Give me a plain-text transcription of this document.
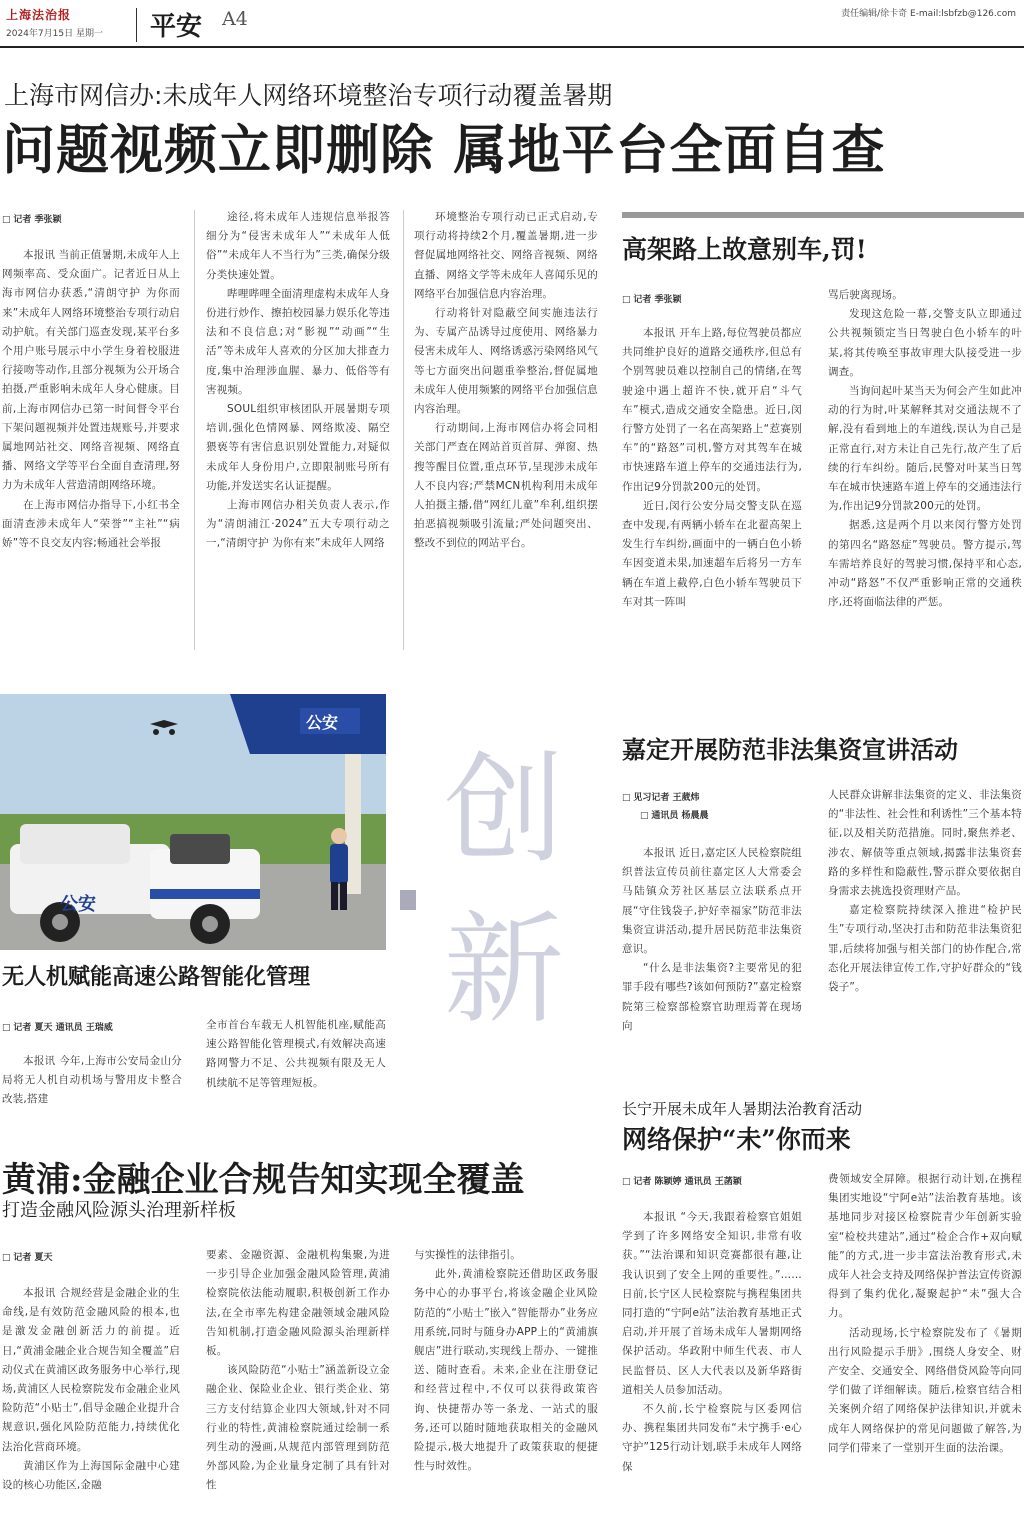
上海法治报
2024年7月15日 星期一 平安 A4	责任编辑/徐卡奇 E-mail:lsbfzb@126.com
上海市网信办:未成年人网络环境整治专项行动覆盖暑期
问题视频立即删除 属地平台全面自查
□ 记者 季张颖

本报讯 当前正值暑期,未成年人上网频率高、受众面广。记者近日从上海市网信办获悉,“清朗守护 为你而来”未成年人网络环境整治专项行动启动护航。有关部门巡查发现,某平台多个用户账号展示中小学生身着校服进行接吻等动作,且部分视频为公开场合拍摄,严重影响未成年人身心健康。目前,上海市网信办已第一时间督令平台下架问题视频并处置违规账号,并要求属地网站社交、网络音视频、网络直播、网络文学等平台全面自查清理,努力为未成年人营造清朗网络环境。

在上海市网信办指导下,小红书全面清查涉未成年人“荣誉”“主社”“病娇”等不良交友内容;畅通社会举报

途径,将未成年人违规信息举报答细分为“侵害未成年人”“未成年人低俗”“未成年人不当行为”三类,确保分级分类快速处置。

哔哩哔哩全面清理虚构未成年人身份进行炒作、擦拍校园暴力娱乐化等违法和不良信息;对“影视”“动画”“生活”等未成年人喜欢的分区加大排查力度,集中治理涉血腥、暴力、低俗等有害视频。

SOUL组织审核团队开展暑期专项培训,强化色情网暴、网络欺凌、隔空猥亵等有害信息识别处置能力,对疑似未成年人身份用户,立即限制账号所有功能,并发送实名认证提醒。

上海市网信办相关负责人表示,作为“清朗浦江·2024”五大专项行动之一,“清朗守护 为你有来”未成年人网络

环境整治专项行动已正式启动,专项行动将持续2个月,覆盖暑期,进一步督促属地网络社交、网络音视频、网络直播、网络文学等未成年人喜闻乐见的网络平台加强信息内容治理。

行动将针对隐蔽空间实施违法行为、专属产品诱导过度使用、网络暴力侵害未成年人、网络诱惑污染网络风气等七方面突出问题重拳整治,督促属地未成年人使用频繁的网络平台加强信息内容治理。

行动期间,上海市网信办将会同相关部门严查在网站首页首屏、弹窗、热搜等醒目位置,重点环节,呈现涉未成年人不良内容;严禁MCN机构利用未成年人拍摄主播,借“网红儿童”牟利,组织摆拍恶搞视频吸引流量;严处问题突出、整改不到位的网站平台。

高架路上故意别车,罚!
□ 记者 季张颖

本报讯 开车上路,每位驾驶员都应共同维护良好的道路交通秩序,但总有个别驾驶员难以控制自己的情绪,在驾驶途中遇上超许不快,就开启“斗气车”模式,造成交通安全隐患。近日,闵行警方处罚了一名在高架路上“惹赛别车”的“路怒”司机,警方对其驾车在城市快速路车道上停车的交通违法行为,作出记9分罚款200元的处罚。

近日,闵行公安分局交警支队在巡查中发现,有两辆小轿车在北翟高架上发生行车纠纷,画面中的一辆白色小轿车因变道未果,加速超车后将另一方车辆在车道上截停,白色小轿车驾驶员下车对其一阵叫

骂后驶离现场。

发现这危险一幕,交警支队立即通过公共视频锁定当日驾驶白色小轿车的叶某,将其传唤至事故审理大队接受进一步调查。

当询问起叶某当天为何会产生如此冲动的行为时,叶某解释其对交通法规不了解,没有看到地上的车道线,误认为自己是正常直行,对方未让自己先行,故产生了后续的行车纠纷。随后,民警对叶某当日驾车在城市快速路车道上停车的交通违法行为,作出记9分罚款200元的处罚。

据悉,这是两个月以来闵行警方处罚的第四名“路怒症”驾驶员。警方提示,驾车需培养良好的驾驶习惯,保持平和心态,冲动“路怒”不仅严重影响正常的交通秩序,还将面临法律的严惩。

公安
公安
无人机赋能高速公路智能化管理
□ 记者 夏天 通讯员 王瑞威

本报讯 今年,上海市公安局金山分局将无人机自动机场与警用皮卡整合改装,搭建

全市首台车载无人机智能机座,赋能高速公路智能化管理模式,有效解决高速路网警力不足、公共视频有限及无人机续航不足等管理短板。

创
新
嘉定开展防范非法集资宣讲活动
□ 见习记者 王葳炜
□ 通讯员 杨晨晨

本报讯 近日,嘉定区人民检察院组织普法宣传员前往嘉定区人大常委会马陆镇众芳社区基层立法联系点开展“守住钱袋子,护好幸福家”防范非法集资宣讲活动,提升居民防范非法集资意识。

“什么是非法集资?主要常见的犯罪手段有哪些?该如何预防?”嘉定检察院第三检察部检察官助理焉菁在现场向

人民群众讲解非法集资的定义、非法集资的“非法性、社会性和利诱性”三个基本特征,以及相关防范措施。同时,聚焦养老、涉农、解债等重点领域,揭露非法集资套路的多样性和隐蔽性,警示群众要依据自身需求去挑选投资理财产品。

嘉定检察院持续深入推进“检护民生”专项行动,坚决打击和防范非法集资犯罪,后续将加强与相关部门的协作配合,常态化开展法律宣传工作,守护好群众的“钱袋子”。

长宁开展未成年人暑期法治教育活动
网络保护“未”你而来
□ 记者 陈颖婷 通讯员 王菡颖

本报讯 “今天,我跟着检察官姐姐学到了许多网络安全知识,非常有收获。”“法治课和知识竞赛都很有趣,让我认识到了安全上网的重要性。”……日前,长宁区人民检察院与携程集团共同打造的“宁阿e站”法治教育基地正式启动,并开展了首场未成年人暑期网络保护活动。华政附中师生代表、市人民监督员、区人大代表以及新华路街道相关人员参加活动。

不久前,长宁检察院与区委网信办、携程集团共同发布“未宁携手·e心守护”125行动计划,联手未成年人网络保

费领域安全屏障。根据行动计划,在携程集团实地设“宁阿e站”法治教育基地。该基地同步对接区检察院青少年创新实验室“检校共建站”,通过“检企合作+双向赋能”的方式,进一步丰富法治教育形式,未成年人社会支持及网络保护普法宣传资源得到了集约优化,凝聚起护“未”强大合力。

活动现场,长宁检察院发布了《暑期出行风险提示手册》,围绕人身安全、财产安全、交通安全、网络借贷风险等向同学们做了详细解读。随后,检察官结合相关案例介绍了网络保护法律知识,并就未成年人网络保护的常见问题做了解答,为同学们带来了一堂别开生面的法治课。

黄浦:金融企业合规告知实现全覆盖
打造金融风险源头治理新样板
□ 记者 夏天

本报讯 合规经营是金融企业的生命线,是有效防范金融风险的根本,也是激发金融创新活力的前提。近日,“黄浦金融企业合规告知全覆盖”启动仪式在黄浦区政务服务中心举行,现场,黄浦区人民检察院发布金融企业风险防范“小贴士”,倡导金融企业提升合规意识,强化风险防范能力,持续优化法治化营商环境。

黄浦区作为上海国际金融中心建设的核心功能区,金融

要素、金融资源、金融机构集聚,为进一步引导企业加强金融风险管理,黄浦检察院依法能动履职,积极创新工作办法,在全市率先构建金融领域金融风险告知机制,打造金融风险源头治理新样板。

该风险防范“小贴士”涵盖新设立金融企业、保险业企业、银行类企业、第三方支付结算企业四大领域,针对不同行业的特性,黄浦检察院通过绘制一系列生动的漫画,从规范内部管理到防范外部风险,为企业量身定制了具有针对性

与实操性的法律指引。

此外,黄浦检察院还借助区政务服务中心的办事平台,将该金融企业风险防范的“小贴士”嵌入“智能帮办”业务应用系统,同时与随身办APP上的“黄浦旗舰店”进行联动,实现线上帮办、一键推送、随时查看。未来,企业在注册登记和经营过程中,不仅可以获得政策咨询、快捷帮办等一条龙、一站式的服务,还可以随时随地获取相关的金融风险提示,极大地提升了政策获取的便捷性与时效性。
